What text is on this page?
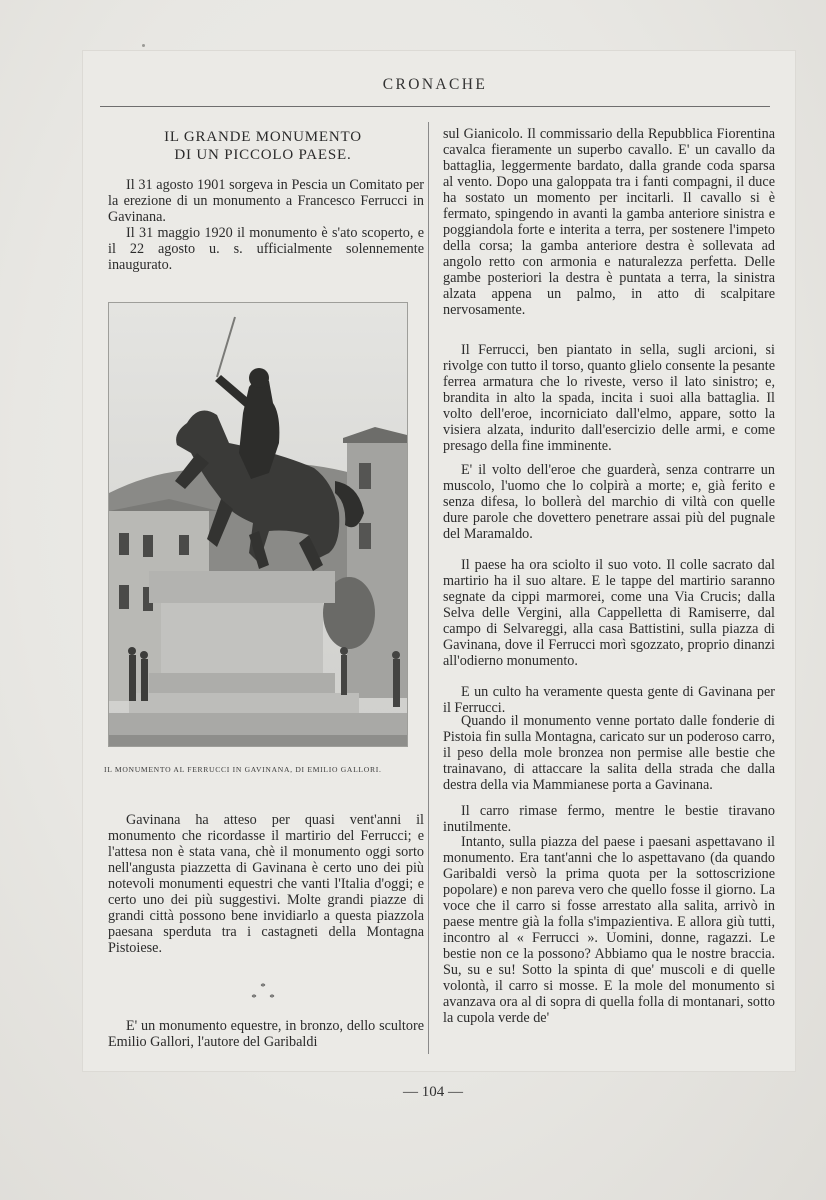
CRONACHE
IL GRANDE MONUMENTO
DI UN PICCOLO PAESE.

Il 31 agosto 1901 sorgeva in Pescia un Comitato per la erezione di un monumento a Francesco Ferrucci in Gavinana.

Il 31 maggio 1920 il monumento è s'ato scoperto, e il 22 agosto u. s. ufficialmente solennemente inaugurato.

IL MONUMENTO AL FERRUCCI IN GAVINANA, DI EMILIO GALLORI.

Gavinana ha atteso per quasi vent'anni il monumento che ricordasse il martirio del Ferrucci; e l'attesa non è stata vana, chè il monumento oggi sorto nell'angusta piazzetta di Gavinana è certo uno dei più notevoli monumenti equestri che vanti l'Italia d'oggi; e certo uno dei più suggestivi. Molte grandi piazze di grandi città possono bene invidiarlo a questa piazzola paesana sperduta tra i castagneti della Montagna Pistoiese.

*
* *

E' un monumento equestre, in bronzo, dello scultore Emilio Gallori, l'autore del Garibaldi

sul Gianicolo. Il commissario della Repubblica Fiorentina cavalca fieramente un superbo cavallo. E' un cavallo da battaglia, leggermente bardato, dalla grande coda sparsa al vento. Dopo una galoppata tra i fanti compagni, il duce ha sostato un momento per incitarli. Il cavallo si è fermato, spingendo in avanti la gamba anteriore sinistra e poggiandola forte e interita a terra, per sostenere l'impeto della corsa; la gamba anteriore destra è sollevata ad angolo retto con armonia e naturalezza perfetta. Delle gambe posteriori la destra è puntata a terra, la sinistra alzata appena un palmo, in atto di scalpitare nervosamente.

Il Ferrucci, ben piantato in sella, sugli arcioni, si rivolge con tutto il torso, quanto glielo consente la pesante ferrea armatura che lo riveste, verso il lato sinistro; e, brandita in alto la spada, incita i suoi alla battaglia. Il volto dell'eroe, incorniciato dall'elmo, appare, sotto la visiera alzata, indurito dall'esercizio delle armi, e come presago della fine imminente.

E' il volto dell'eroe che guarderà, senza contrarre un muscolo, l'uomo che lo colpirà a morte; e, già ferito e senza difesa, lo bollerà del marchio di viltà con quelle dure parole che dovettero penetrare assai più del pugnale del Maramaldo.

Il paese ha ora sciolto il suo voto. Il colle sacrato dal martirio ha il suo altare. E le tappe del martirio saranno segnate da cippi marmorei, come una Via Crucis; dalla Selva delle Vergini, alla Cappelletta di Ramiserre, dal campo di Selvareggi, alla casa Battistini, sulla piazza di Gavinana, dove il Ferrucci morì sgozzato, proprio dinanzi all'odierno monumento.

E un culto ha veramente questa gente di Gavinana per il Ferrucci.

Quando il monumento venne portato dalle fonderie di Pistoia fin sulla Montagna, caricato sur un poderoso carro, il peso della mole bronzea non permise alle bestie che trainavano, di attaccare la salita della strada che dalla destra della via Mammianese porta a Gavinana.

Il carro rimase fermo, mentre le bestie tiravano inutilmente.

Intanto, sulla piazza del paese i paesani aspettavano il monumento. Era tant'anni che lo aspettavano (da quando Garibaldi versò la prima quota per la sottoscrizione popolare) e non pareva vero che quello fosse il giorno. La voce che il carro si fosse arrestato alla salita, arrivò in paese mentre già la folla s'impazientiva. E allora giù tutti, incontro al « Ferrucci ». Uomini, donne, ragazzi. Le bestie non ce la possono? Abbiamo qua le nostre braccia. Su, su e su! Sotto la spinta di que' muscoli e di quelle volontà, il carro si mosse. E la mole del monumento si avanzava ora al di sopra di quella folla di montanari, sotto la cupola verde de'

— 104 —
